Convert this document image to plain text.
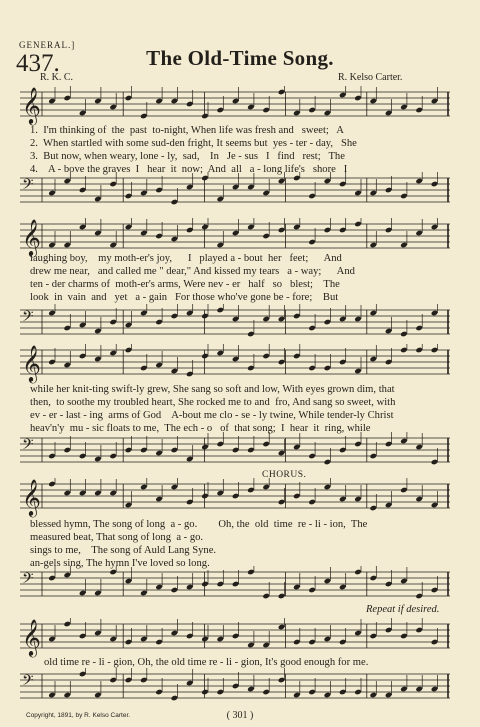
GENERAL.]
437.	The Old-Time Song.
R. K. C.	R. Kelso Carter.
𝄞
1.  I'm thinking of  the  past  to-night, When life was fresh and   sweet;   A
2.  When startled with some sud-den fright, It seems but  yes - ter - day,   She
3.  But now, when weary, lone - ly,  sad,    In   Je - sus   I   find   rest;   The
4.    A - bove the graves  I   hear  it  now;  And  all   a - long life's   shore   I
𝄢
𝄞
laughing boy,    my moth-er's joy,      I   played a - bout  her   feet;      And
drew me near,   and called me " dear," And kissed my tears   a - way;      And
ten - der charms of  moth-er's arms, Were nev - er   half   so   blest;    The
look  in  vain  and   yet   a - gain   For those who've gone be - fore;    But
𝄢
𝄞
while her knit-ting swift-ly grew, She sang so soft and low, With eyes grown dim, that
then,  to soothe my troubled heart, She rocked me to and  fro, And sang so sweet, with
ev - er - last - ing  arms of God    A-bout me clo - se - ly twine, While tender-ly Christ
heav'n'y  mu - sic floats to me,  The ech - o   of  that song;  I  hear  it  ring, while
𝄢
CHORUS.
𝄞
blessed hymn, The song of long  a - go.        Oh, the  old  time  re - li - ion,  The
measured beat, That song of long  a - go.
sings to me,    The song of Auld Lang Syne.
an-gels sing, The hymn I've loved so long.
𝄢
Repeat if desired.
𝄞
old time re - li - gion, Oh, the old time re - li - gion, It's good enough for me.
𝄢
Copyright, 1891, by R. Kelso Carter.	( 301 )
